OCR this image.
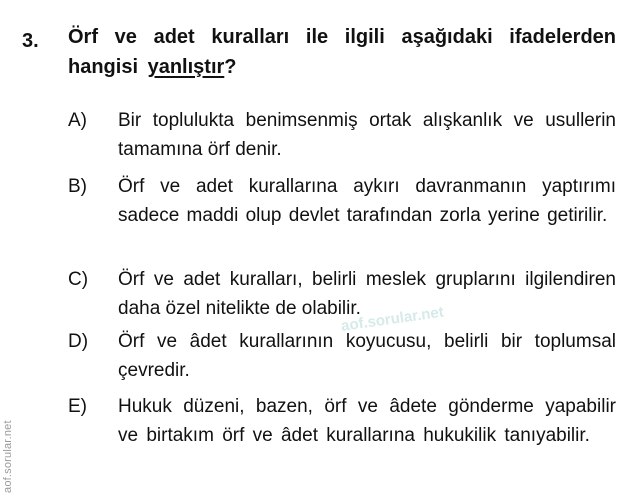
3. Örf ve adet kuralları ile ilgili aşağıdaki ifadelerden hangisi yanlıştır?
A) Bir toplulukta benimsenmiş ortak alışkanlık ve usullerin tamamına örf denir.
B) Örf ve adet kurallarına aykırı davranmanın yaptırımı sadece maddi olup devlet tarafından zorla yerine getirilir.
C) Örf ve adet kuralları, belirli meslek gruplarını ilgilendiren daha özel nitelikte de olabilir.
D) Örf ve âdet kurallarının koyucusu, belirli bir toplumsal çevredir.
E) Hukuk düzeni, bazen, örf ve âdete gönderme yapabilir ve birtakım örf ve âdet kurallarına hukukilik tanıyabilir.
aof.sorular.net
aof.sorular.net
